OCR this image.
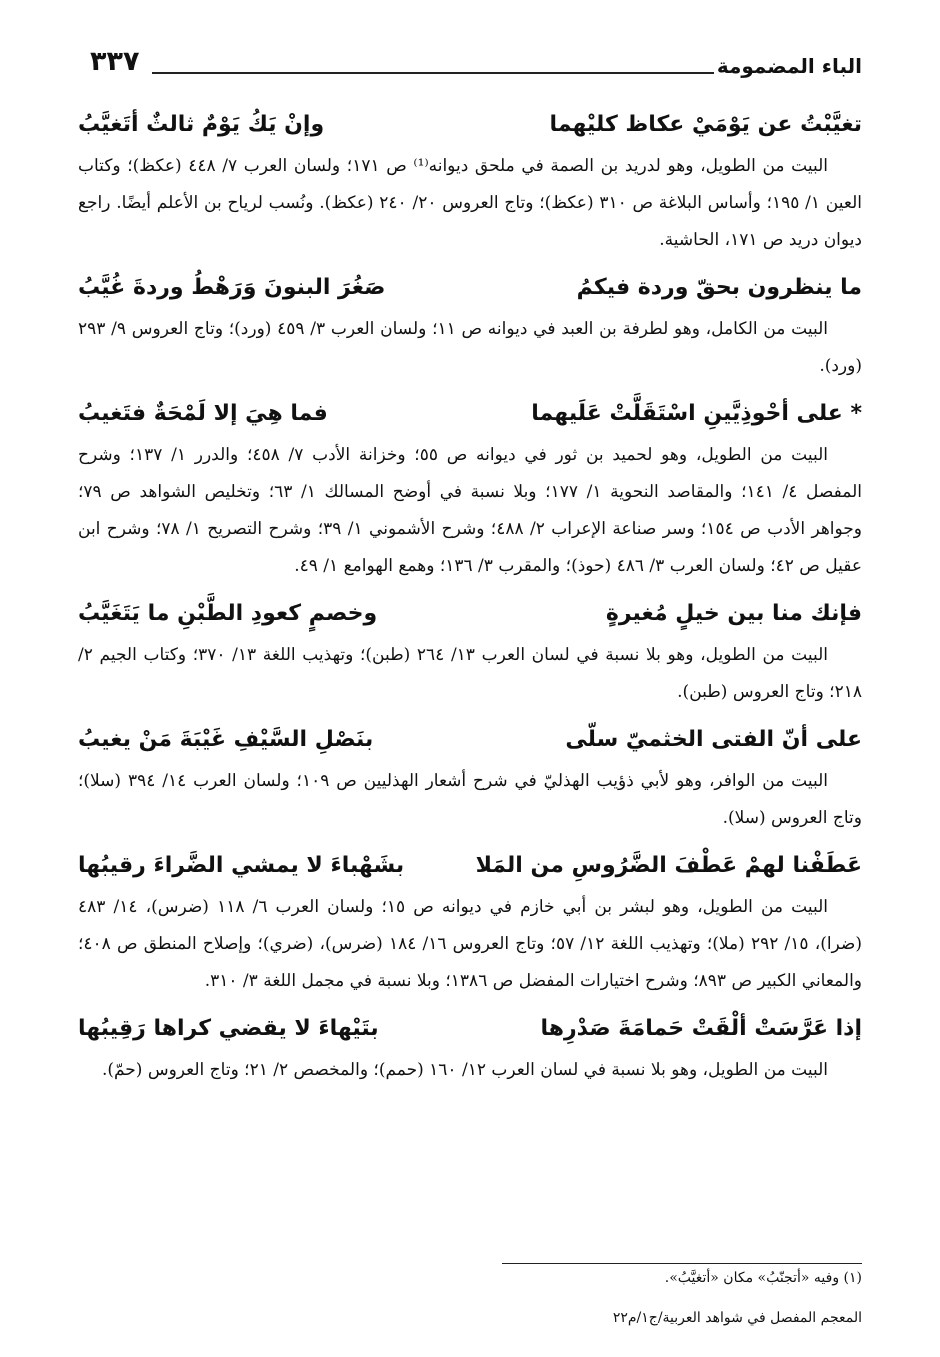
الباء المضمومة
٣٣٧
تغيَّبْتُ عن يَوْمَيْ عكاظ كليْهما
وإنْ يَكُ يَوْمٌ ثالثٌ أتَغيَّبُ

البيت من الطويل، وهو لدريد بن الصمة في ملحق ديوانه⁽¹⁾ ص ١٧١؛ ولسان العرب ٧/ ٤٤٨ (عكظ)؛ وكتاب العين ١/ ١٩٥؛ وأساس البلاغة ص ٣١٠ (عكظ)؛ وتاج العروس ٢٠/ ٢٤٠ (عكظ). ونُسب لرياح بن الأعلم أيضًا. راجع ديوان دريد ص ١٧١، الحاشية.

ما ينظرون بحقّ وردة فيكمُ
صَغُرَ البنونَ وَرَهْطُ وردةَ غُيَّبُ

البيت من الكامل، وهو لطرفة بن العبد في ديوانه ص ١١؛ ولسان العرب ٣/ ٤٥٩ (ورد)؛ وتاج العروس ٩/ ٢٩٣ (ورد).

* على أحْوذِيَّينِ اسْتَقَلَّتْ عَلَيهما
فما هِيَ إلا لَمْحَةٌ فتَغيبُ

البيت من الطويل، وهو لحميد بن ثور في ديوانه ص ٥٥؛ وخزانة الأدب ٧/ ٤٥٨؛ والدرر ١/ ١٣٧؛ وشرح المفصل ٤/ ١٤١؛ والمقاصد النحوية ١/ ١٧٧؛ وبلا نسبة في أوضح المسالك ١/ ٦٣؛ وتخليص الشواهد ص ٧٩؛ وجواهر الأدب ص ١٥٤؛ وسر صناعة الإعراب ٢/ ٤٨٨؛ وشرح الأشموني ١/ ٣٩؛ وشرح التصريح ١/ ٧٨؛ وشرح ابن عقيل ص ٤٢؛ ولسان العرب ٣/ ٤٨٦ (حوذ)؛ والمقرب ٣/ ١٣٦؛ وهمع الهوامع ١/ ٤٩.

فإنك منا بين خيلٍ مُغيرةٍ
وخصمٍ كعودِ الطَّبْنِ ما يَتَغَيَّبُ

البيت من الطويل، وهو بلا نسبة في لسان العرب ١٣/ ٢٦٤ (طبن)؛ وتهذيب اللغة ١٣/ ٣٧٠؛ وكتاب الجيم ٢/ ٢١٨؛ وتاج العروس (طبن).

على أنّ الفتى الخثميّ سلّى
بنَصْلِ السَّيْفِ غَيْبَةَ مَنْ يغيبُ

البيت من الوافر، وهو لأبي ذؤيب الهذليّ في شرح أشعار الهذليين ص ١٠٩؛ ولسان العرب ١٤/ ٣٩٤ (سلا)؛ وتاج العروس (سلا).

عَطَفْنا لهمْ عَطْفَ الضَّرُوسِ من المَلا
بشَهْباءَ لا يمشي الضَّراءَ رقيبُها

البيت من الطويل، وهو لبشر بن أبي خازم في ديوانه ص ١٥؛ ولسان العرب ٦/ ١١٨ (ضرس)، ١٤/ ٤٨٣ (ضرا)، ١٥/ ٢٩٢ (ملا)؛ وتهذيب اللغة ١٢/ ٥٧؛ وتاج العروس ١٦/ ١٨٤ (ضرس)، (ضري)؛ وإصلاح المنطق ص ٤٠٨؛ والمعاني الكبير ص ٨٩٣؛ وشرح اختيارات المفضل ص ١٣٨٦؛ وبلا نسبة في مجمل اللغة ٣/ ٣١٠.

إذا عَرَّسَتْ ألْقَتْ حَمامَةَ صَدْرِها
بتَيْهاءَ لا يقضي كراها رَقِيبُها

البيت من الطويل، وهو بلا نسبة في لسان العرب ١٢/ ١٦٠ (حمم)؛ والمخصص ٢/ ٢١؛ وتاج العروس (حمّ).

(١) وفيه «أتجنّبُ» مكان «أتغيَّبُ».
المعجم المفصل في شواهد العربية/ج١/م٢٢
